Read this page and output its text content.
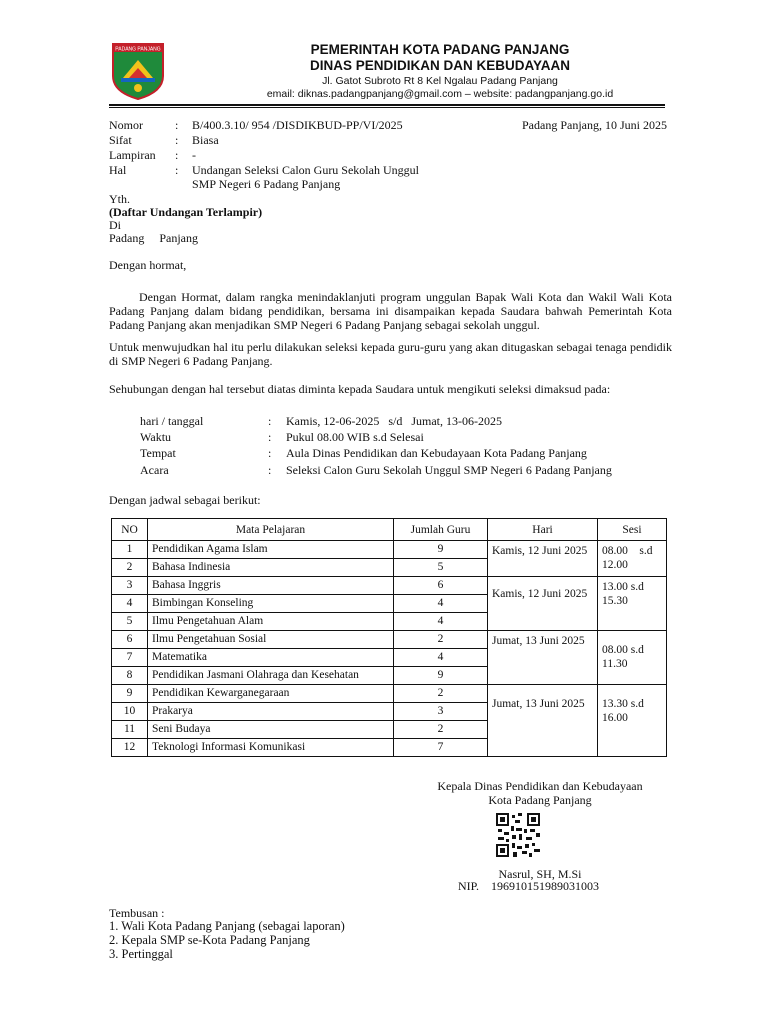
PADANG PANJANG	PEMERINTAH KOTA PADANG PANJANG
DINAS PENDIDIKAN DAN KEBUDAYAAN
Jl. Gatot Subroto Rt 8 Kel Ngalau Padang Panjang
email: diknas.padangpanjang@gmail.com – website: padangpanjang.go.id
Nomor	: B/400.3.10/ 954 /DISDIKBUD-PP/VI/2025	Padang Panjang, 10 Juni 2025
Sifat	: Biasa
Lampiran : -
Hal	: Undangan Seleksi Calon Guru Sekolah Unggul
SMP Negeri 6 Padang Panjang
Yth.
(Daftar Undangan Terlampir)
Di
Padang     Panjang
Dengan hormat,
Dengan Hormat, dalam rangka menindaklanjuti program unggulan Bapak Wali Kota dan Wakil Wali Kota Padang Panjang dalam bidang pendidikan, bersama ini disampaikan kepada Saudara bahwah Pemerintah Kota Padang Panjang akan menjadikan SMP Negeri 6 Padang Panjang sebagai sekolah unggul.
Untuk menwujudkan hal itu perlu dilakukan seleksi kepada guru-guru yang akan ditugaskan sebagai tenaga pendidik di SMP Negeri 6 Padang Panjang.
Sehubungan dengan hal tersebut diatas diminta kepada Saudara untuk mengikuti seleksi dimaksud pada:
hari / tanggal	: Kamis, 12-06-2025   s/d   Jumat, 13-06-2025
Waktu	: Pukul 08.00 WIB s.d Selesai
Tempat	: Aula Dinas Pendidikan dan Kebudayaan Kota Padang Panjang
Acara	: Seleksi Calon Guru Sekolah Unggul SMP Negeri 6 Padang Panjang
Dengan jadwal sebagai berikut:
NO	Mata Pelajaran	Jumlah Guru	Hari	Sesi
1	Pendidikan Agama Islam	9	Kamis, 12 Juni 2025	08.00    s.d 12.00
2	Bahasa Indinesia	5		
3	Bahasa Inggris	6	Kamis, 12 Juni 2025	13.00 s.d 15.30
4	Bimbingan Konseling	4		
5	Ilmu Pengetahuan Alam	4		
6	Ilmu Pengetahuan Sosial	2	Jumat, 13 Juni 2025	08.00 s.d 11.30
7	Matematika	4		
8	Pendidikan Jasmani Olahraga dan Kesehatan	9		
9	Pendidikan Kewarganegaraan	2	Jumat, 13 Juni 2025	13.30 s.d 16.00
10	Prakarya	3		
11	Seni Budaya	2		
12	Teknologi Informasi Komunikasi	7		
Kepala Dinas Pendidikan dan Kebudayaan
Kota Padang Panjang
Nasrul, SH, M.Si
NIP.    196910151989031003
Tembusan :
1. Wali Kota Padang Panjang (sebagai laporan)
2. Kepala SMP se-Kota Padang Panjang
3. Pertinggal
